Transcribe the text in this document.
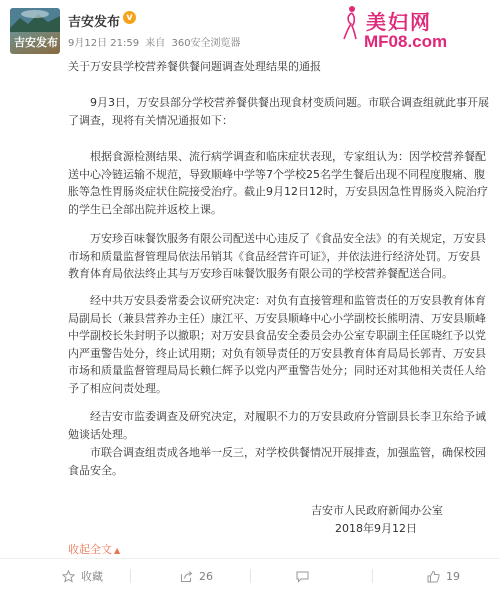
吉安发布
吉安发布 v
9月12日 21:59 来自 360安全浏览器
美妇网
MF08.com
关于万安县学校营养餐供餐问题调查处理结果的通报

9月3日，万安县部分学校营养餐供餐出现食材变质问题。市联合调查组就此事开展了调查，现将有关情况通报如下：

根据食源检测结果、流行病学调查和临床症状表现，专家组认为：因学校营养餐配送中心冷链运输不规范，导致顺峰中学等7个学校25名学生餐后出现不同程度腹痛、腹胀等急性胃肠炎症状住院接受治疗。截止9月12日12时，万安县因急性胃肠炎入院治疗的学生已全部出院并返校上课。

万安珍百味餐饮服务有限公司配送中心违反了《食品安全法》的有关规定，万安县市场和质量监督管理局依法吊销其《食品经营许可证》，并依法进行经济处罚。万安县教育体育局依法终止其与万安珍百味餐饮服务有限公司的学校营养餐配送合同。

经中共万安县委常委会议研究决定：对负有直接管理和监管责任的万安县教育体育局副局长（兼县营养办主任）康江平、万安县顺峰中心小学副校长熊明清、万安县顺峰中学副校长朱封明予以撤职；对万安县食品安全委员会办公室专职副主任匡晓红予以党内严重警告处分，终止试用期；对负有领导责任的万安县教育体育局局长郭青、万安县市场和质量监督管理局局长赖仁辉予以党内严重警告处分；同时还对其他相关责任人给予了相应问责处理。

经吉安市监委调查及研究决定，对履职不力的万安县政府分管副县长李卫东给予诫勉谈话处理。

市联合调查组责成各地举一反三，对学校供餐情况开展排查，加强监管，确保校园食品安全。

吉安市人民政府新闻办公室
2018年9月12日
收起全文 ▲
收藏	26	19
